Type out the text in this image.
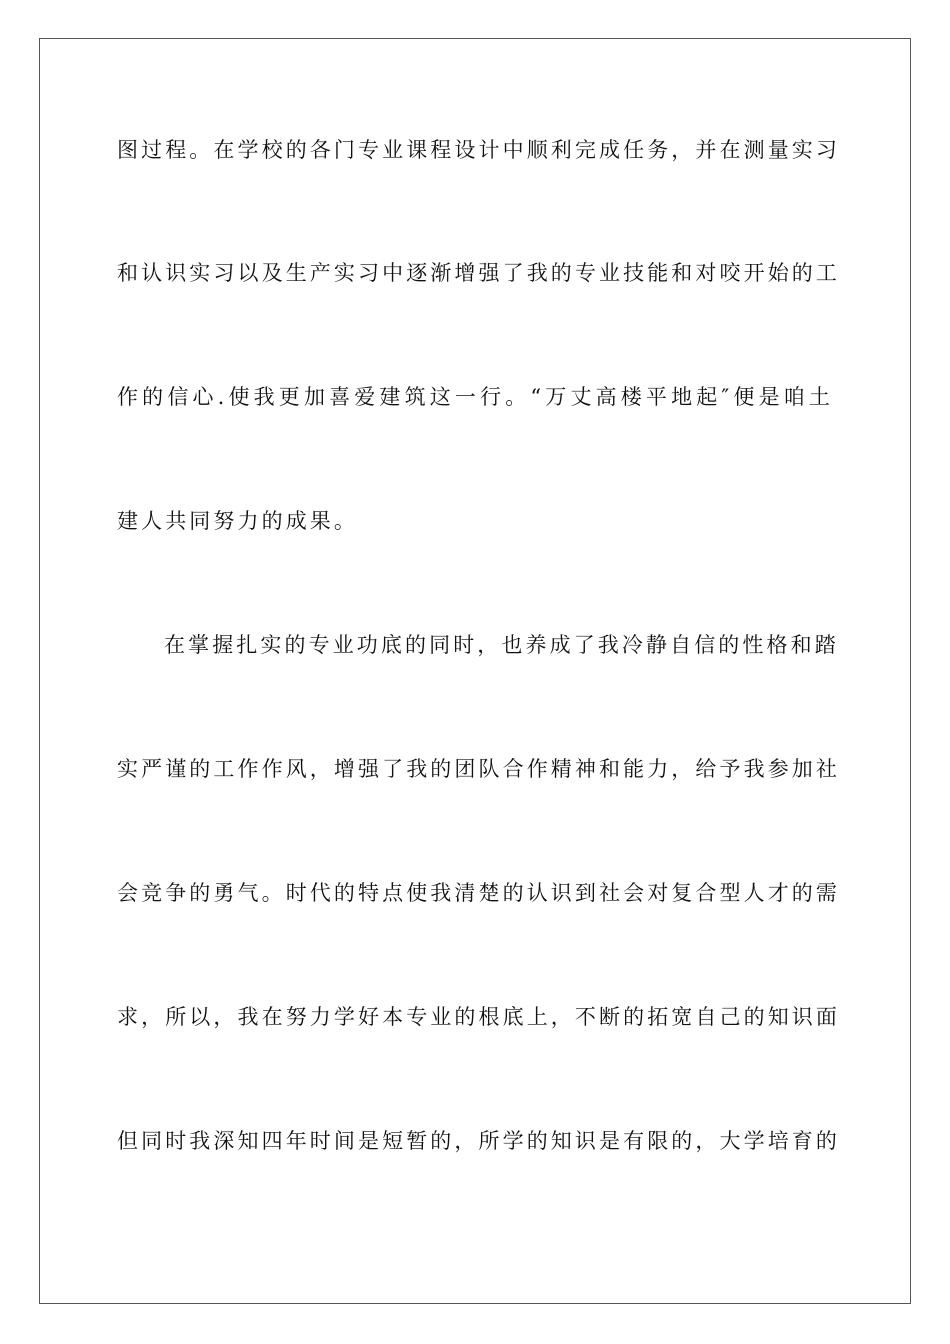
图过程。在学校的各门专业课程设计中顺利完成任务，并在测量实习
和认识实习以及生产实习中逐渐增强了我的专业技能和对咬开始的工
作的信心.使我更加喜爱建筑这一行。“万丈高楼平地起″便是咱土
建人共同努力的成果。
在掌握扎实的专业功底的同时，也养成了我冷静自信的性格和踏
实严谨的工作作风，增强了我的团队合作精神和能力，给予我参加社
会竞争的勇气。时代的特点使我清楚的认识到社会对复合型人才的需
求，所以，我在努力学好本专业的根底上，不断的拓宽自己的知识面
但同时我深知四年时间是短暂的，所学的知识是有限的，大学培育的
